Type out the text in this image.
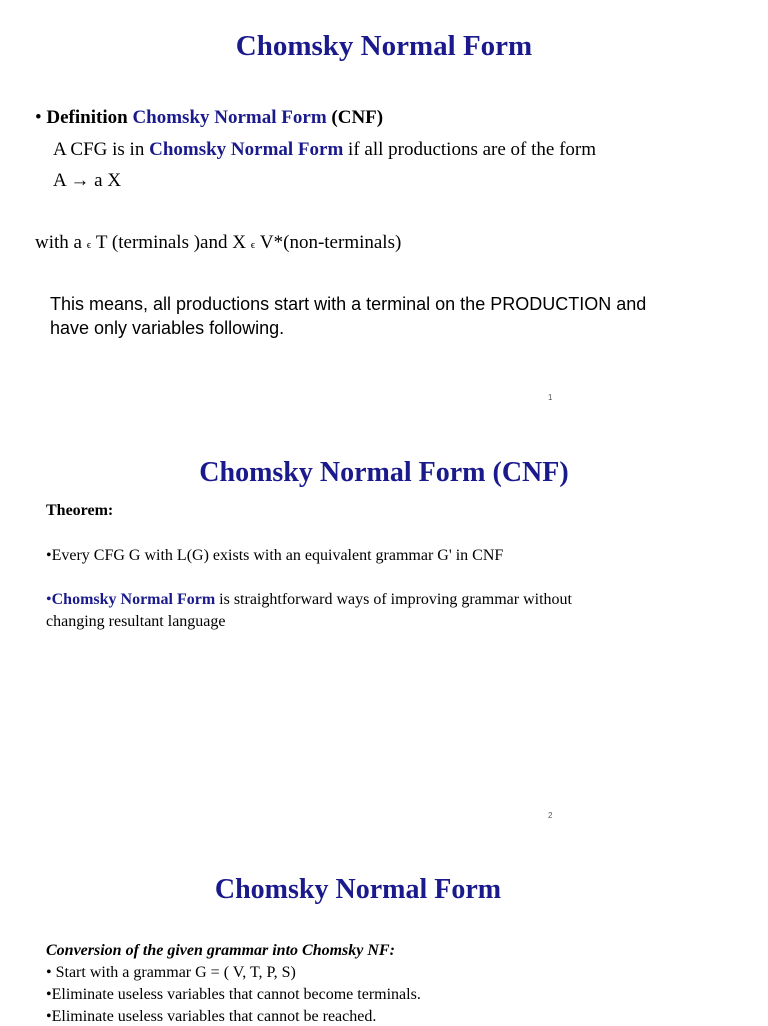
Chomsky Normal Form
• Definition Chomsky Normal Form (CNF)
A CFG is in Chomsky Normal Form if all productions are of the form
A → a X
with a ϵ T (terminals )and X ϵ V*(non-terminals)
This means, all productions start with a terminal on the PRODUCTION and
have only variables following.
1
Chomsky Normal Form (CNF)
Theorem:
•Every CFG G with L(G) exists with an equivalent grammar G' in CNF
•Chomsky Normal Form is straightforward ways of improving grammar without
changing resultant language
2
Chomsky Normal Form
Conversion of the given grammar into Chomsky NF:
• Start with a grammar G = ( V, T, P, S)
•Eliminate useless variables that cannot become terminals.
•Eliminate useless variables that cannot be reached.
